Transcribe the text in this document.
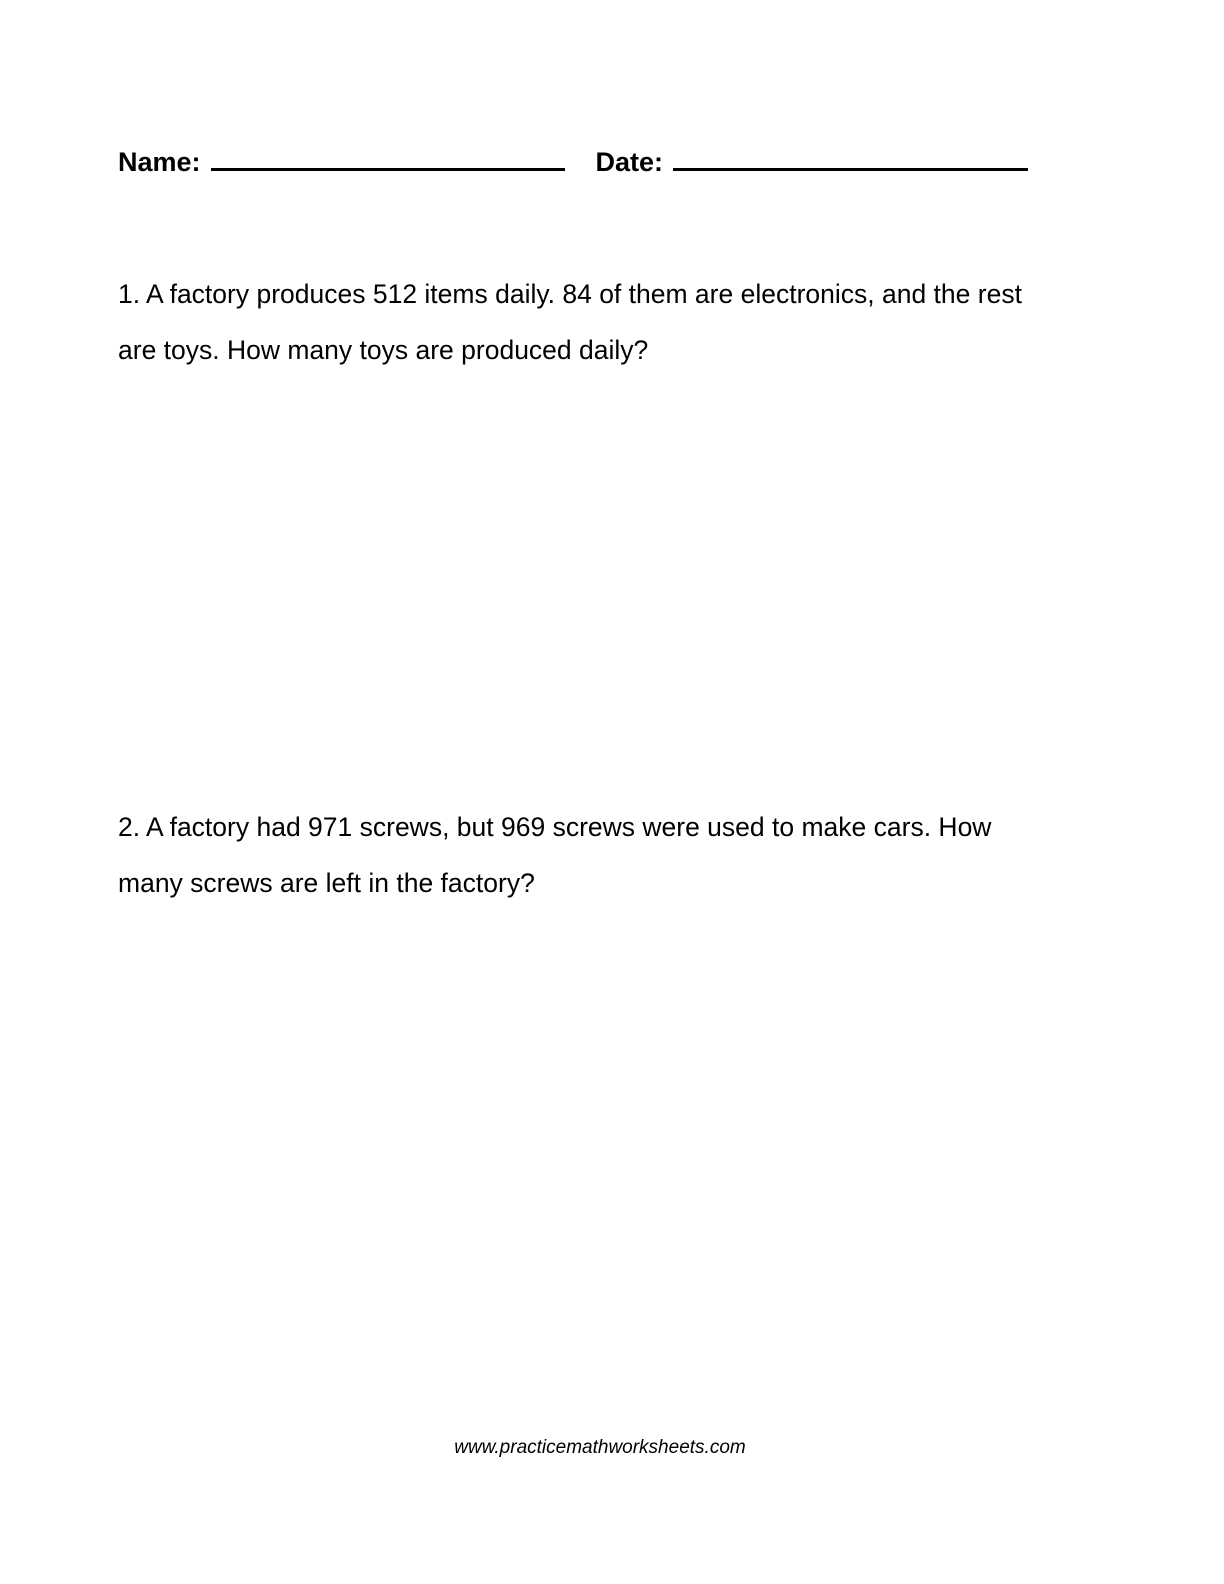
Name:	Date:
1. A factory produces 512 items daily. 84 of them are electronics, and the rest
are toys. How many toys are produced daily?
2. A factory had 971 screws, but 969 screws were used to make cars. How
many screws are left in the factory?
www.practicemathworksheets.com
